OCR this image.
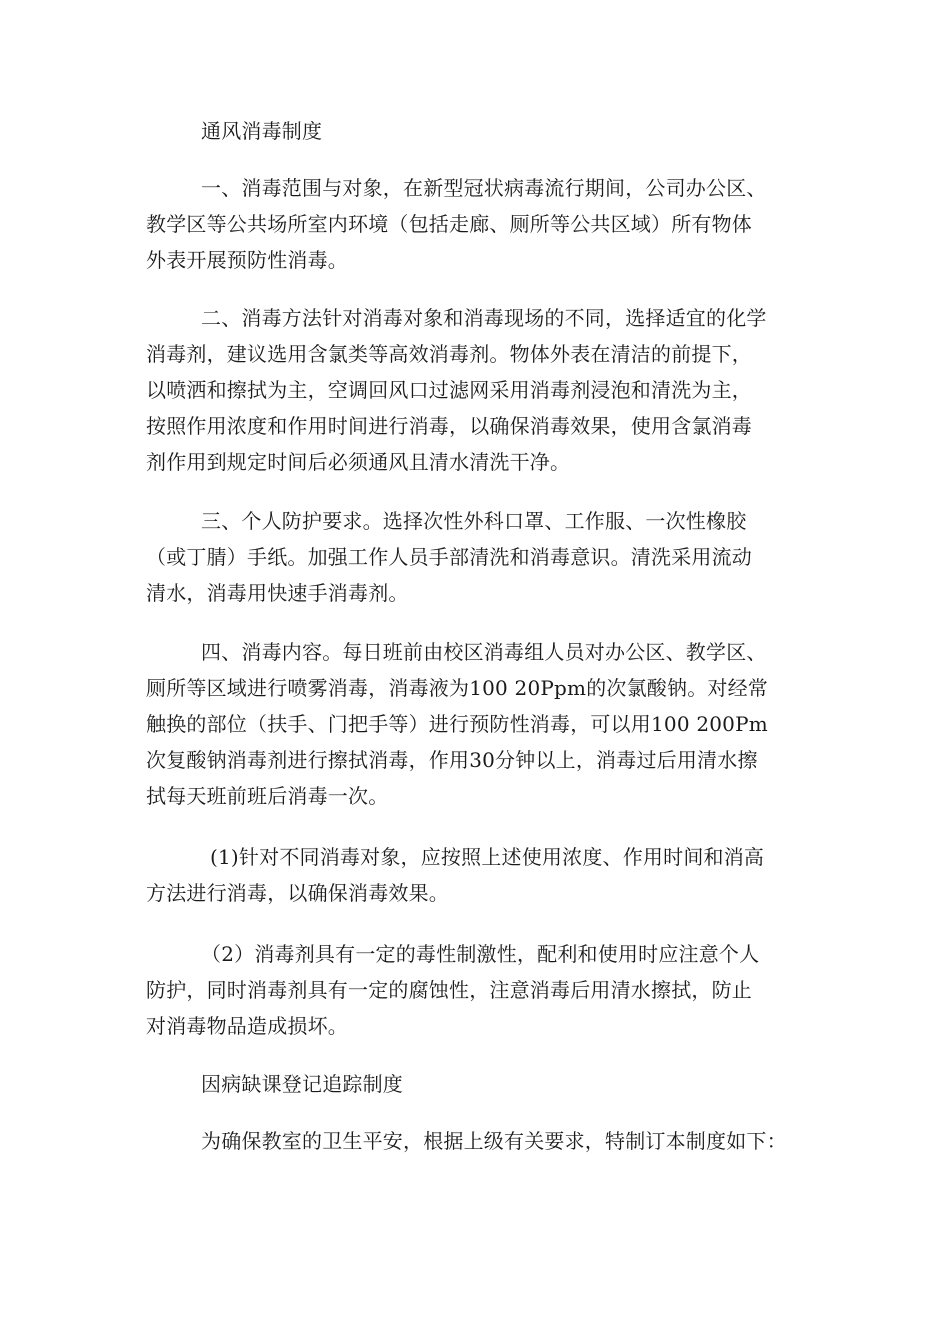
通风消毒制度
一、消毒范围与对象，在新型冠状病毒流行期间，公司办公区、
教学区等公共场所室内环境（包括走廊、厕所等公共区域）所有物体
外表开展预防性消毒。
二、消毒方法针对消毒对象和消毒现场的不同，选择适宜的化学
消毒剂，建议选用含氯类等高效消毒剂。物体外表在清洁的前提下，
以喷洒和擦拭为主，空调回风口过滤网采用消毒剂浸泡和清洗为主，
按照作用浓度和作用时间进行消毒，以确保消毒效果，使用含氯消毒
剂作用到规定时间后必须通风且清水清洗干净。
三、个人防护要求。选择次性外科口罩、工作服、一次性橡胶
（或丁腈）手纸。加强工作人员手部清洗和消毒意识。清洗采用流动
清水，消毒用快速手消毒剂。
四、消毒内容。每日班前由校区消毒组人员对办公区、教学区、
厕所等区域进行喷雾消毒，消毒液为100 20Ppm的次氯酸钠。对经常
触换的部位（扶手、门把手等）进行预防性消毒，可以用100 200Pm
次复酸钠消毒剂进行擦拭消毒，作用30分钟以上，消毒过后用清水擦
拭每天班前班后消毒一次。
(1)针对不同消毒对象，应按照上述使用浓度、作用时间和消高
方法进行消毒，以确保消毒效果。
（2）消毒剂具有一定的毒性制激性，配利和使用时应注意个人
防护，同时消毒剂具有一定的腐蚀性，注意消毒后用清水擦拭，防止
对消毒物品造成损坏。
因病缺课登记追踪制度
为确保教室的卫生平安，根据上级有关要求，特制订本制度如下：
